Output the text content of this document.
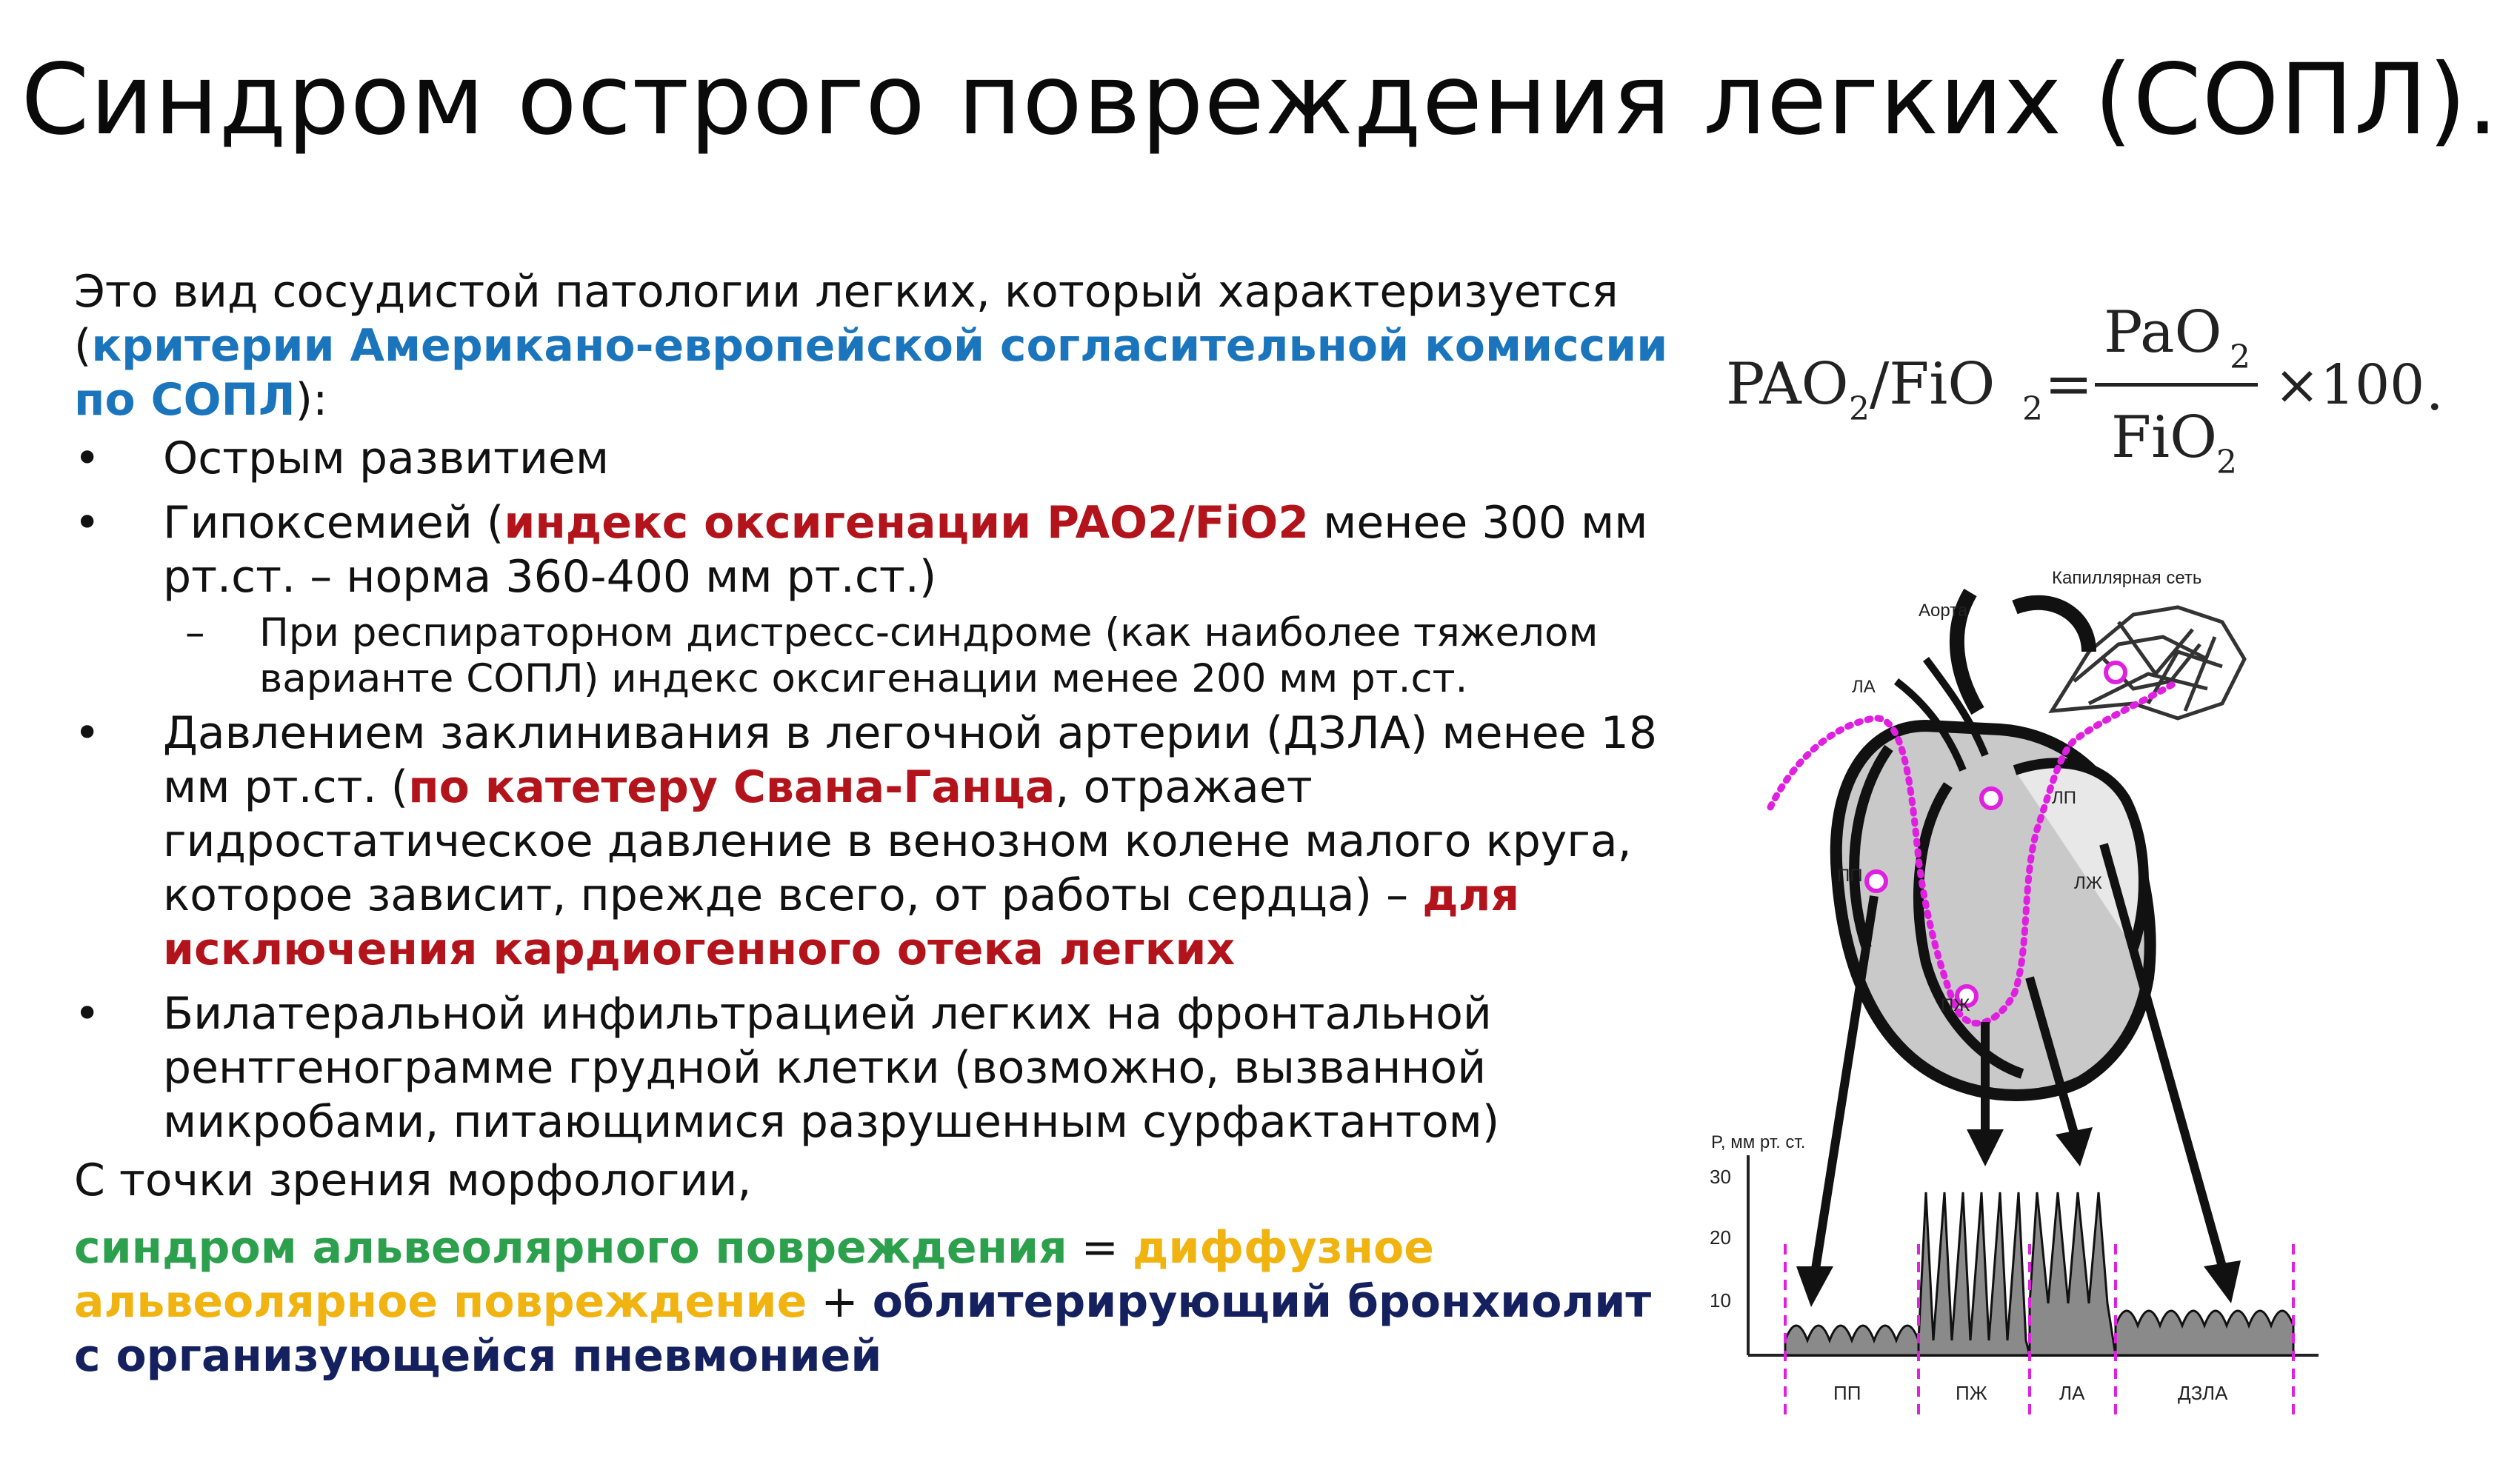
Синдром острого повреждения легких (СОПЛ).

Это вид сосудистой патологии легких, который характеризуется
(критерии Американо-европейской согласительной комиссии по СОПЛ):

•	Острым развитием
•	Гипоксемией (индекс оксигенации PAO2/FiO2 менее 300 мм рт.ст. – норма 360-400 мм рт.ст.)
–	При респираторном дистресс-синдроме (как наиболее тяжелом варианте СОПЛ) индекс оксигенации менее 200 мм рт.ст.
•	Давлением заклинивания в легочной артерии (ДЗЛА) менее 18 мм рт.ст. (по катетеру Свана-Ганца, отражает гидростатическое давление в венозном колене малого круга, которое зависит, прежде всего, от работы сердца) – для исключения кардиогенного отека легких
•	Билатеральной инфильтрацией легких на фронтальной рентгенограмме грудной клетки (возможно, вызванной микробами, питающимися разрушенным сурфактантом)

С точки зрения морфологии,

синдром альвеолярного повреждения = диффузное альвеолярное повреждение + облитерирующий бронхиолит с организующейся пневмонией

PAO 2 /FiO 2 =
PaO 2
FiO
2
×100 .
Капиллярная сеть
Аорта
ЛА
ЛП
ПП	ЛЖ
ПЖ
P, мм рт. ст.
30
20
10
ПП	ПЖ	ЛА	ДЗЛА
